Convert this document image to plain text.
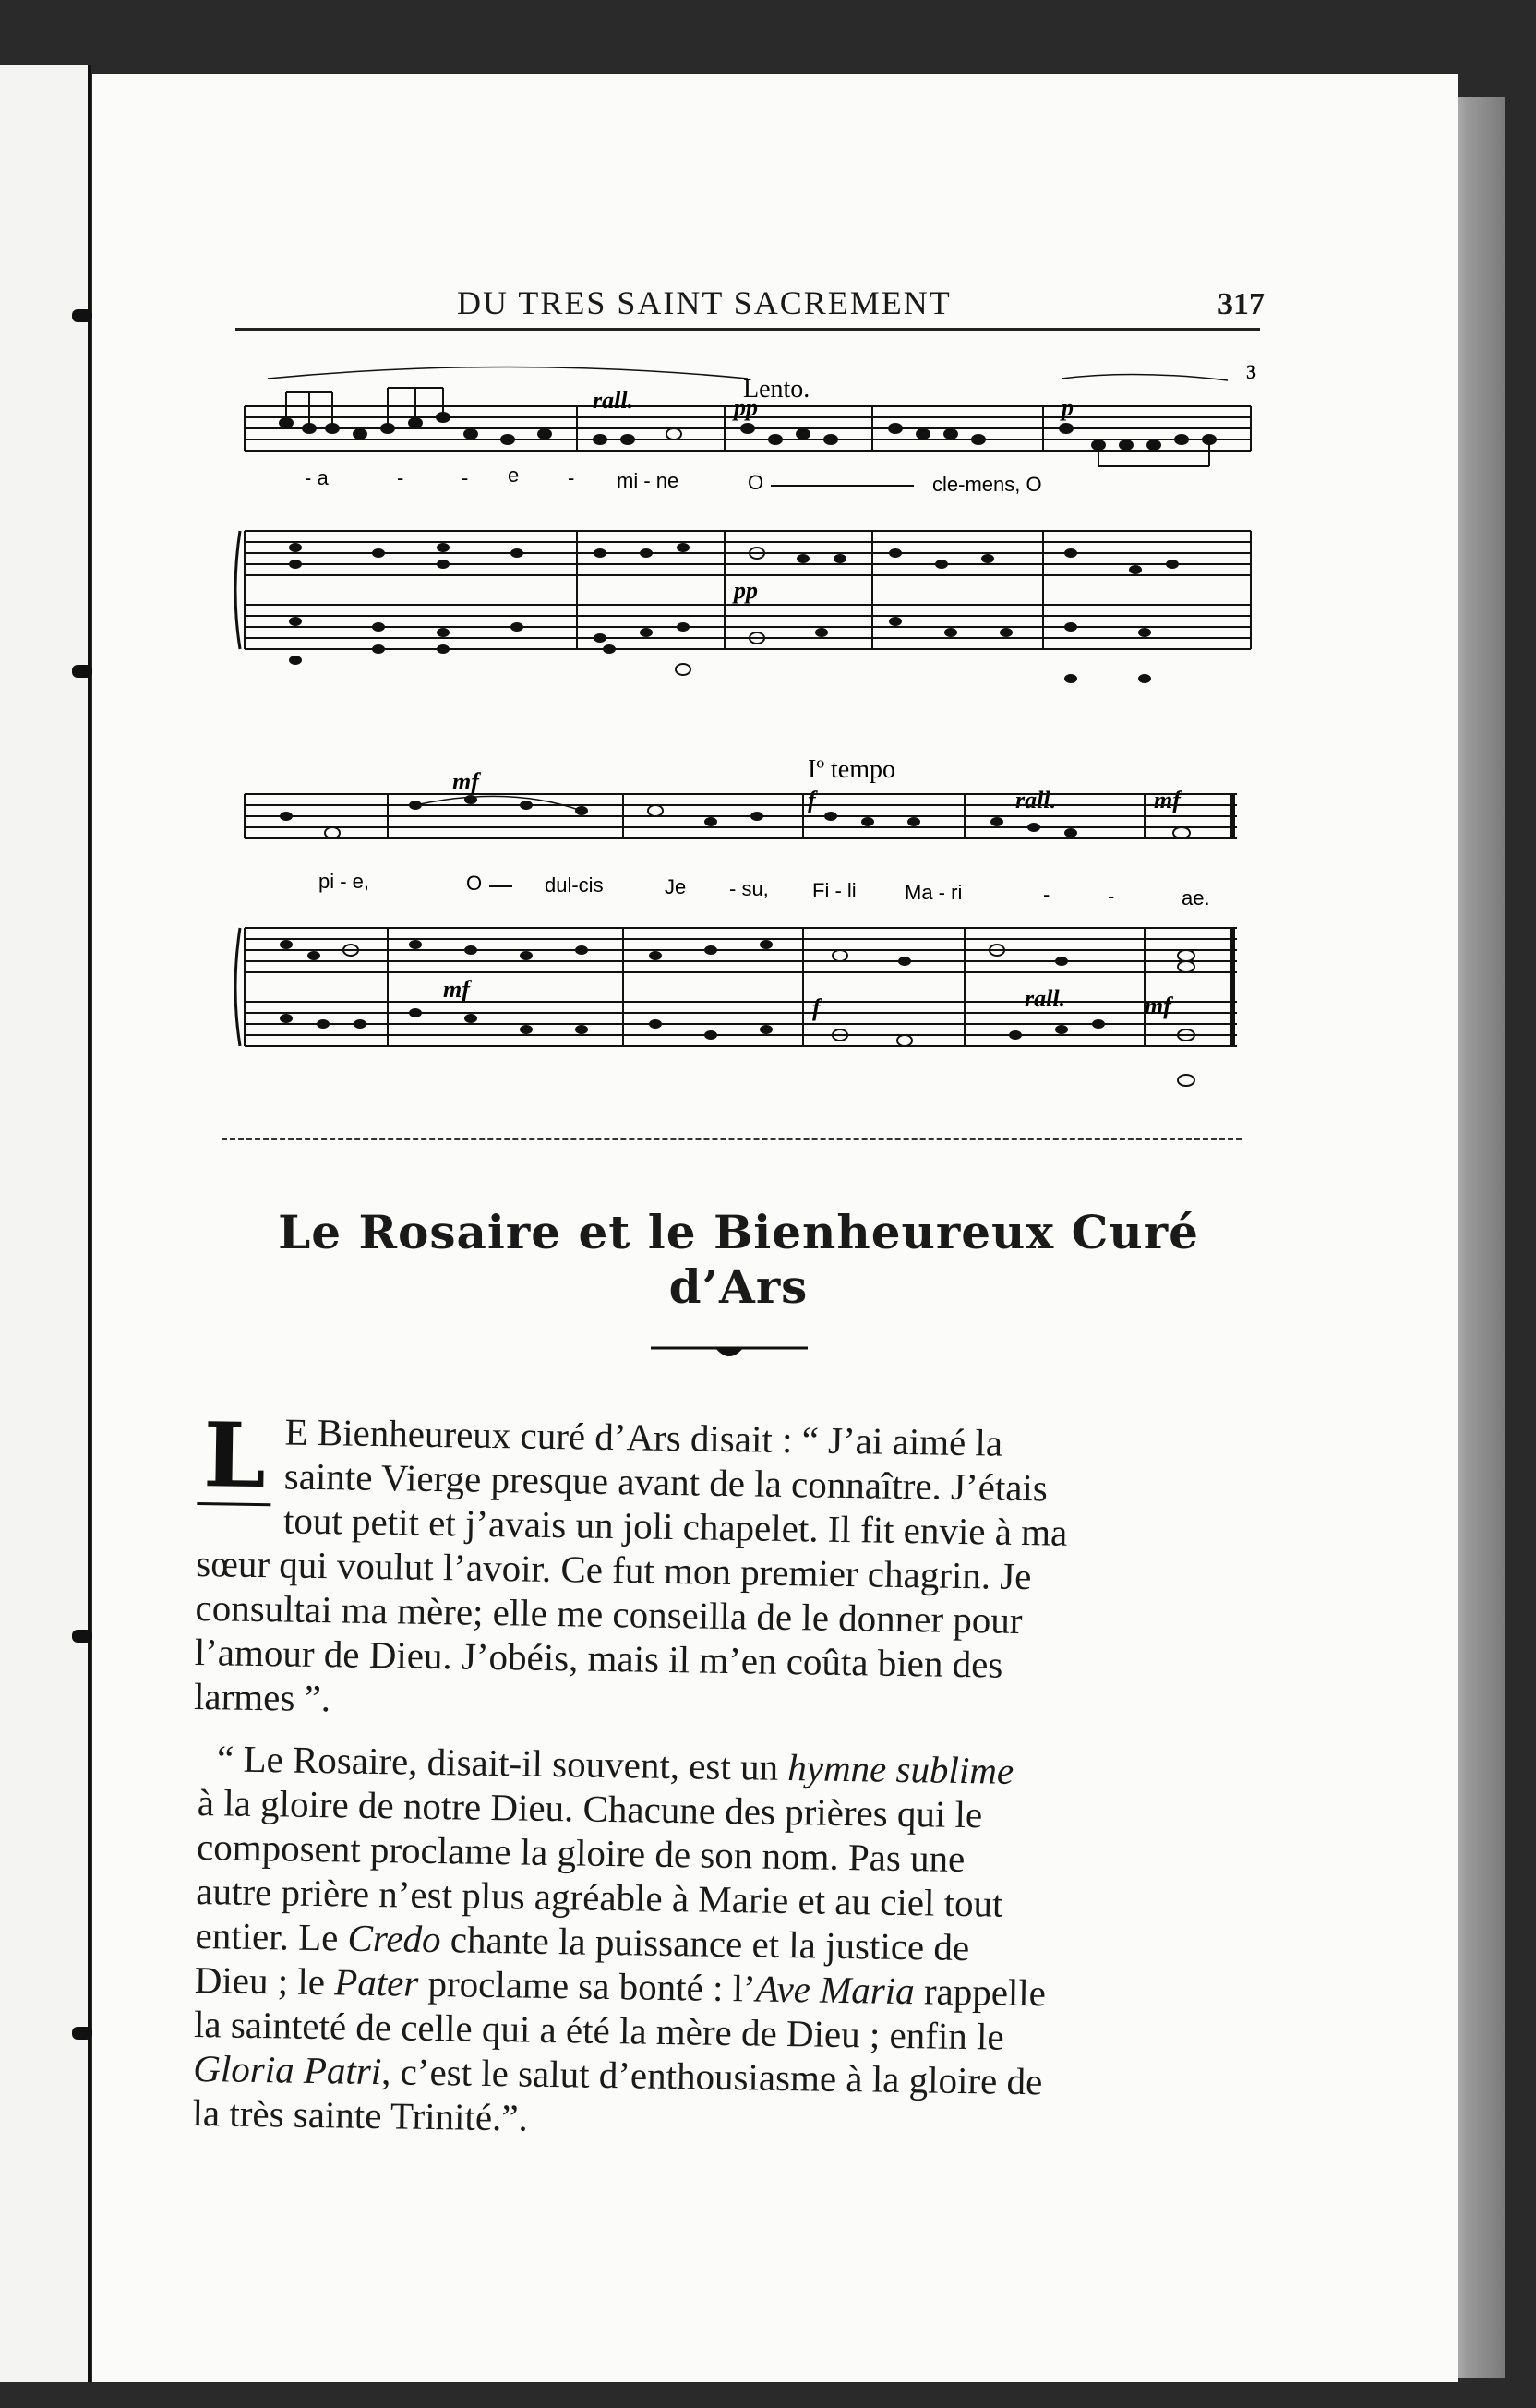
DU TRES SAINT SACREMENT	317
3
Lento.
rall.	pp	p
- a	-	- e - mi - ne	O	cle-mens, O
pp
Iº tempo
mf
f	rall.	mf
pi - e,	O	dul-cis	Je - su, Fi - li Ma - ri	-	-	ae.
mf
f	rall.	mf
Le Rosaire et le Bienheureux Curé d’Ars
L E Bienheureux curé d’Ars disait : “ J’ai aimé la
sainte Vierge presque avant de la connaître. J’étais
tout petit et j’avais un joli chapelet. Il fit envie à ma
sœur qui voulut l’avoir. Ce fut mon premier chagrin. Je
consultai ma mère; elle me conseilla de le donner pour
l’amour de Dieu. J’obéis, mais il m’en coûta bien des
larmes ”.
“ Le Rosaire, disait-il souvent, est un hymne sublime
à la gloire de notre Dieu. Chacune des prières qui le
composent proclame la gloire de son nom. Pas une
autre prière n’est plus agréable à Marie et au ciel tout
entier. Le Credo chante la puissance et la justice de
Dieu ; le Pater proclame sa bonté : l’Ave Maria rappelle
la sainteté de celle qui a été la mère de Dieu ; enfin le
Gloria Patri, c’est le salut d’enthousiasme à la gloire de
la très sainte Trinité.”.
